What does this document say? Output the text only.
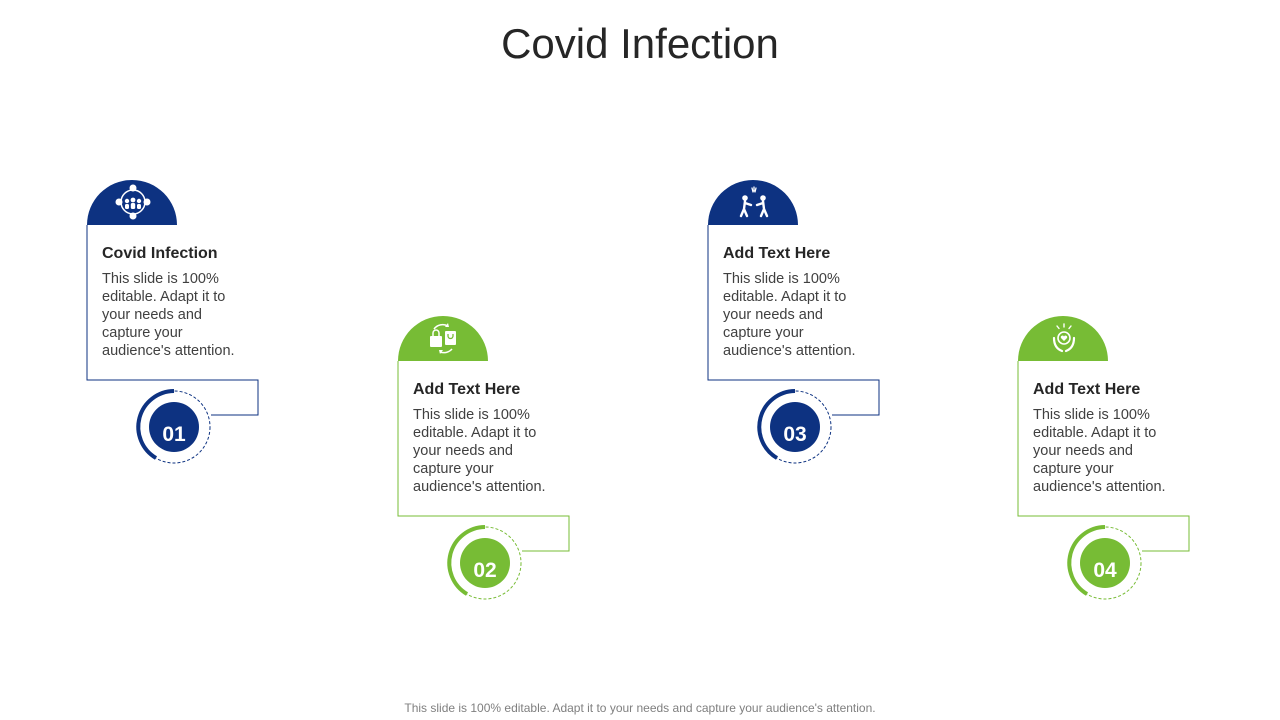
Covid Infection
Covid Infection
This slide is 100% editable. Adapt it to your needs and capture your audience's attention.
01
Add Text Here
This slide is 100% editable. Adapt it to your needs and capture your audience's attention.
02
Add Text Here
This slide is 100% editable. Adapt it to your needs and capture your audience's attention.
03
Add Text Here
This slide is 100% editable. Adapt it to your needs and capture your audience's attention.
04
This slide is 100% editable. Adapt it to your needs and capture your audience's attention.
